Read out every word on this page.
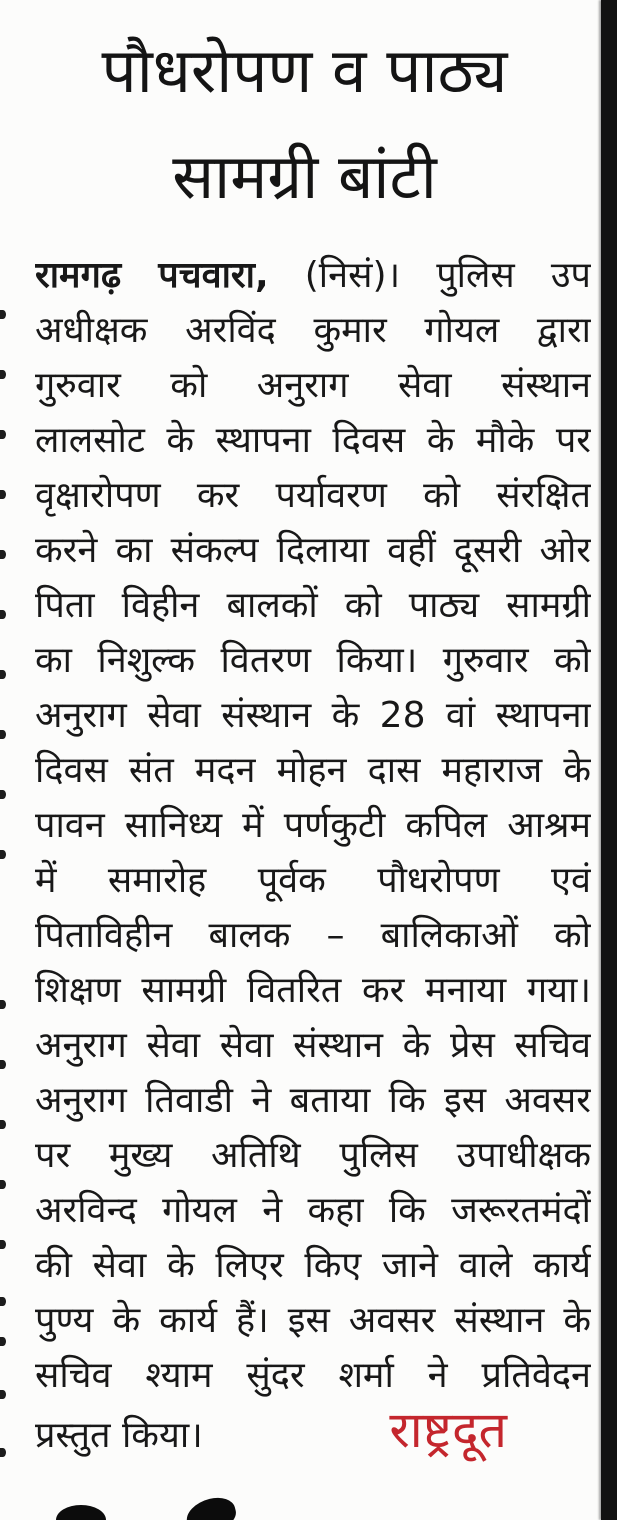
पौधरोपण व पाठ्य
सामग्री बांटी
रामगढ़ पचवारा, (निसं)। पुलिस उप
अधीक्षक अरविंद कुमार गोयल द्वारा
गुरुवार को अनुराग सेवा संस्थान
लालसोट के स्थापना दिवस के मौके पर
वृक्षारोपण कर पर्यावरण को संरक्षित
करने का संकल्प दिलाया वहीं दूसरी ओर
पिता विहीन बालकों को पाठ्य सामग्री
का निशुल्क वितरण किया। गुरुवार को
अनुराग सेवा संस्थान के 28 वां स्थापना
दिवस संत मदन मोहन दास महाराज के
पावन सानिध्य में पर्णकुटी कपिल आश्रम
में समारोह पूर्वक पौधरोपण एवं
पिताविहीन बालक – बालिकाओं को
शिक्षण सामग्री वितरित कर मनाया गया।
अनुराग सेवा सेवा संस्थान के प्रेस सचिव
अनुराग तिवाडी ने बताया कि इस अवसर
पर मुख्य अतिथि पुलिस उपाधीक्षक
अरविन्द गोयल ने कहा कि जरूरतमंदों
की सेवा के लिएर किए जाने वाले कार्य
पुण्य के कार्य हैं। इस अवसर संस्थान के
सचिव श्याम सुंदर शर्मा ने प्रतिवेदन
प्रस्तुत किया।	राष्ट्रदूत
